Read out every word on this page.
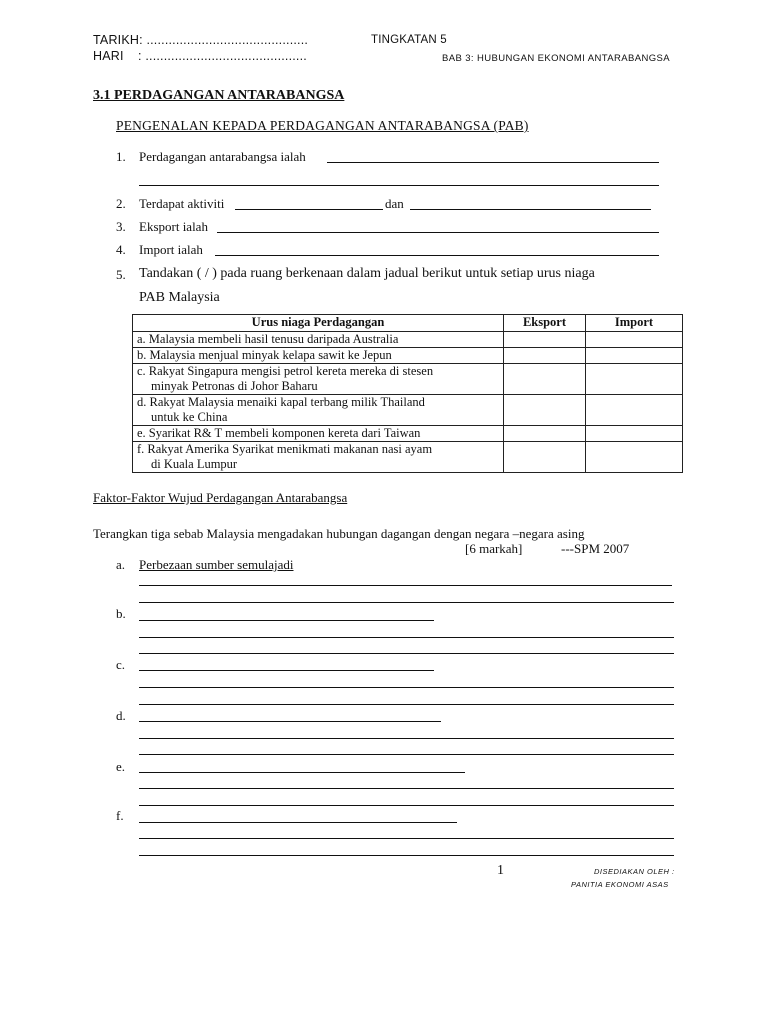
TARIKH: ............................................
HARI : ............................................
TINGKATAN 5
BAB 3: HUBUNGAN EKONOMI ANTARABANGSA
3.1 PERDAGANGAN ANTARABANGSA
PENGENALAN KEPADA PERDAGANGAN ANTARABANGSA (PAB)
1. Perdagangan antarabangsa ialah
2. Terdapat aktiviti	dan
3. Eksport ialah
4. Import ialah
5. Tandakan ( / ) pada ruang berkenaan dalam jadual berikut untuk setiap urus niaga
PAB Malaysia
Urus niaga Perdagangan	Eksport	Import
a. Malaysia membeli hasil tenusu daripada Australia		
b. Malaysia menjual minyak kelapa sawit ke Jepun		
c. Rakyat Singapura mengisi petrol kereta mereka di stesen
minyak Petronas di Johor Baharu		
d. Rakyat Malaysia menaiki kapal terbang milik Thailand
untuk ke China		
e. Syarikat R& T membeli komponen kereta dari Taiwan		
f. Rakyat Amerika Syarikat menikmati makanan nasi ayam
di Kuala Lumpur		
Faktor-Faktor Wujud Perdagangan Antarabangsa
Terangkan tiga sebab Malaysia mengadakan hubungan dagangan dengan negara –negara asing
[6 markah]	---SPM 2007
a. Perbezaan sumber semulajadi
b.
c.
d.
e.
f.
1	DISEDIAKAN OLEH :
PANITIA EKONOMI ASAS
